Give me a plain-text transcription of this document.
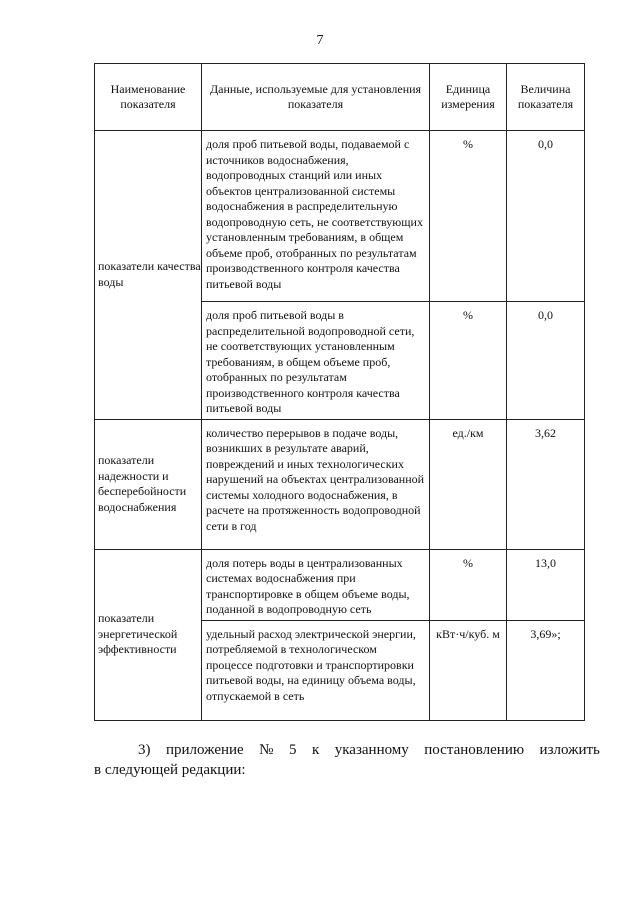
7
Наименование показателя	Данные, используемые для установления показателя	Единица измерения	Величина показателя
показатели качества воды	доля проб питьевой воды, подаваемой с источников водоснабжения, водопроводных станций или иных объектов централизованной системы водоснабжения в распределительную водопроводную сеть, не соответствующих установленным требованиям, в общем объеме проб, отобранных по результатам производственного контроля качества питьевой воды	%	0,0
	доля проб питьевой воды в распределительной водопроводной сети, не соответствующих установленным требованиям, в общем объеме проб, отобранных по результатам производственного контроля качества питьевой воды	%	0,0
показатели надежности и бесперебойности водоснабжения	количество перерывов в подаче воды, возникших в результате аварий, повреждений и иных технологических нарушений на объектах централизованной системы холодного водоснабжения, в расчете на протяженность водопроводной сети в год	ед./км	3,62
показатели энергетической эффективности	доля потерь воды в централизованных системах водоснабжения при транспортировке в общем объеме воды, поданной в водопроводную сеть	%	13,0
	удельный расход электрической энергии, потребляемой в технологическом процессе подготовки и транспортировки питьевой воды, на единицу объема воды, отпускаемой в сеть	кВт·ч/куб. м	3,69»;
3) приложение № 5 к указанному постановлению изложить
в следующей редакции:
